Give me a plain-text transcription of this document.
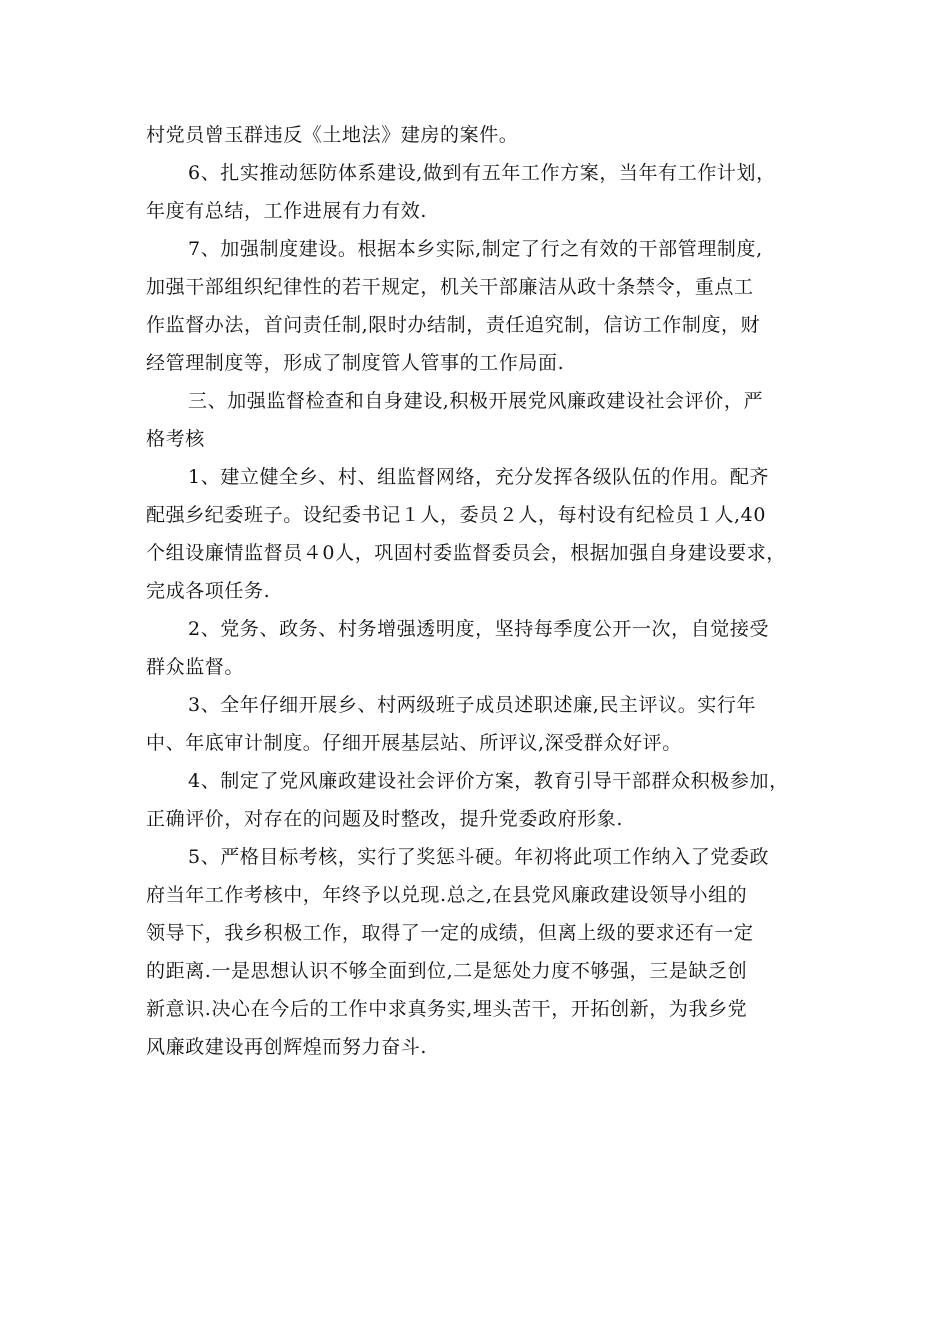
村党员曾玉群违反《土地法》建房的案件。
6、扎实推动惩防体系建设,做到有五年工作方案，当年有工作计划，
年度有总结，工作进展有力有效.
7、加强制度建设。根据本乡实际,制定了行之有效的干部管理制度,
加强干部组织纪律性的若干规定，机关干部廉洁从政十条禁令，重点工
作监督办法，首问责任制,限时办结制，责任追究制，信访工作制度，财
经管理制度等，形成了制度管人管事的工作局面.
三、加强监督检查和自身建设,积极开展党风廉政建设社会评价，严
格考核
1、建立健全乡、村、组监督网络，充分发挥各级队伍的作用。配齐
配强乡纪委班子。设纪委书记１人，委员２人，每村设有纪检员１人,40
个组设廉情监督员４0人，巩固村委监督委员会，根据加强自身建设要求，
完成各项任务.
2、党务、政务、村务增强透明度，坚持每季度公开一次，自觉接受
群众监督。
3、全年仔细开展乡、村两级班子成员述职述廉,民主评议。实行年
中、年底审计制度。仔细开展基层站、所评议,深受群众好评。
4、制定了党风廉政建设社会评价方案，教育引导干部群众积极参加，
正确评价，对存在的问题及时整改，提升党委政府形象.
5、严格目标考核，实行了奖惩斗硬。年初将此项工作纳入了党委政
府当年工作考核中，年终予以兑现.总之,在县党风廉政建设领导小组的
领导下，我乡积极工作，取得了一定的成绩，但离上级的要求还有一定
的距离.一是思想认识不够全面到位,二是惩处力度不够强，三是缺乏创
新意识.决心在今后的工作中求真务实,埋头苦干，开拓创新，为我乡党
风廉政建设再创辉煌而努力奋斗.
